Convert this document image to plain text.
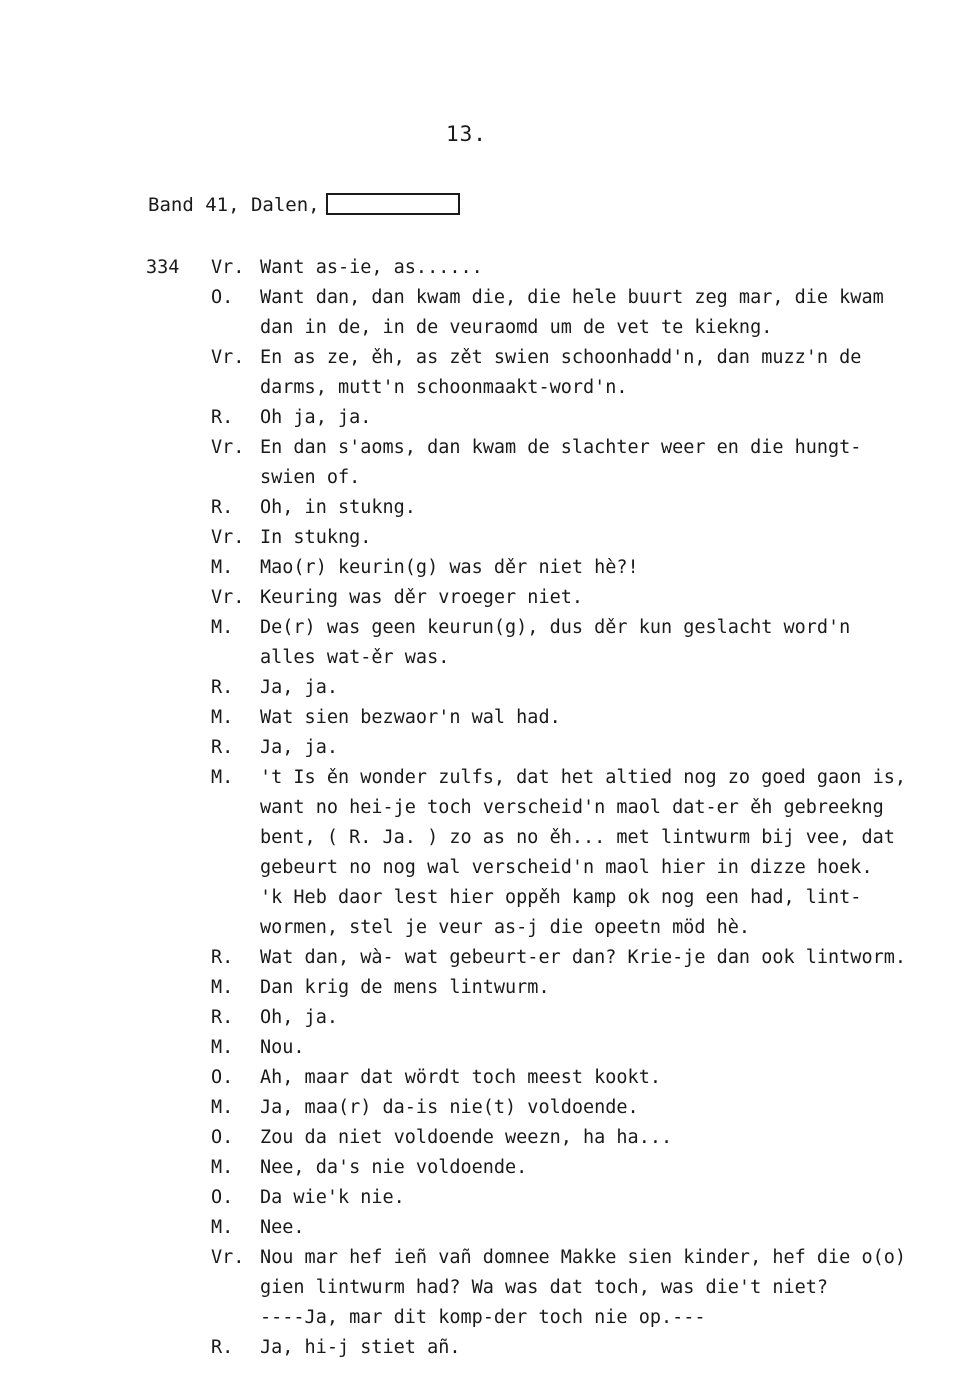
13.
Band 41, Dalen,
334 Vr. Want as-ie, as......
O. Want dan, dan kwam die, die hele buurt zeg mar, die kwam
dan in de, in de veuraomd um de vet te kiekng.
Vr. En as ze, ěh, as zět swien schoonhadd'n, dan muzz'n de
darms, mutt'n schoonmaakt-word'n.
R. Oh ja, ja.
Vr. En dan s'aoms, dan kwam de slachter weer en die hungt-
swien of.
R. Oh, in stukng.
Vr. In stukng.
M. Mao(r) keurin(g) was děr niet hè?!
Vr. Keuring was děr vroeger niet.
M. De(r) was geen keurun(g), dus děr kun geslacht word'n
alles wat-ěr was.
R. Ja, ja.
M. Wat sien bezwaor'n wal had.
R. Ja, ja.
M. 't Is ěn wonder zulfs, dat het altied nog zo goed gaon is,
want no hei-je toch verscheid'n maol dat-er ěh gebreekng
bent, ( R. Ja. ) zo as no ěh... met lintwurm bij vee, dat
gebeurt no nog wal verscheid'n maol hier in dizze hoek.
'k Heb daor lest hier oppěh kamp ok nog een had, lint-
wormen, stel je veur as-j die opeetn möd hè.
R. Wat dan, wà- wat gebeurt-er dan? Krie-je dan ook lintworm.
M. Dan krig de mens lintwurm.
R. Oh, ja.
M. Nou.
O. Ah, maar dat wördt toch meest kookt.
M. Ja, maa(r) da-is nie(t) voldoende.
O. Zou da niet voldoende weezn, ha ha...
M. Nee, da's nie voldoende.
O. Da wie'k nie.
M. Nee.
Vr. Nou mar hef ieñ vañ domnee Makke sien kinder, hef die o(o)
gien lintwurm had? Wa was dat toch, was die't niet?
----Ja, mar dit komp-der toch nie op.---
R. Ja, hi-j stiet añ.
